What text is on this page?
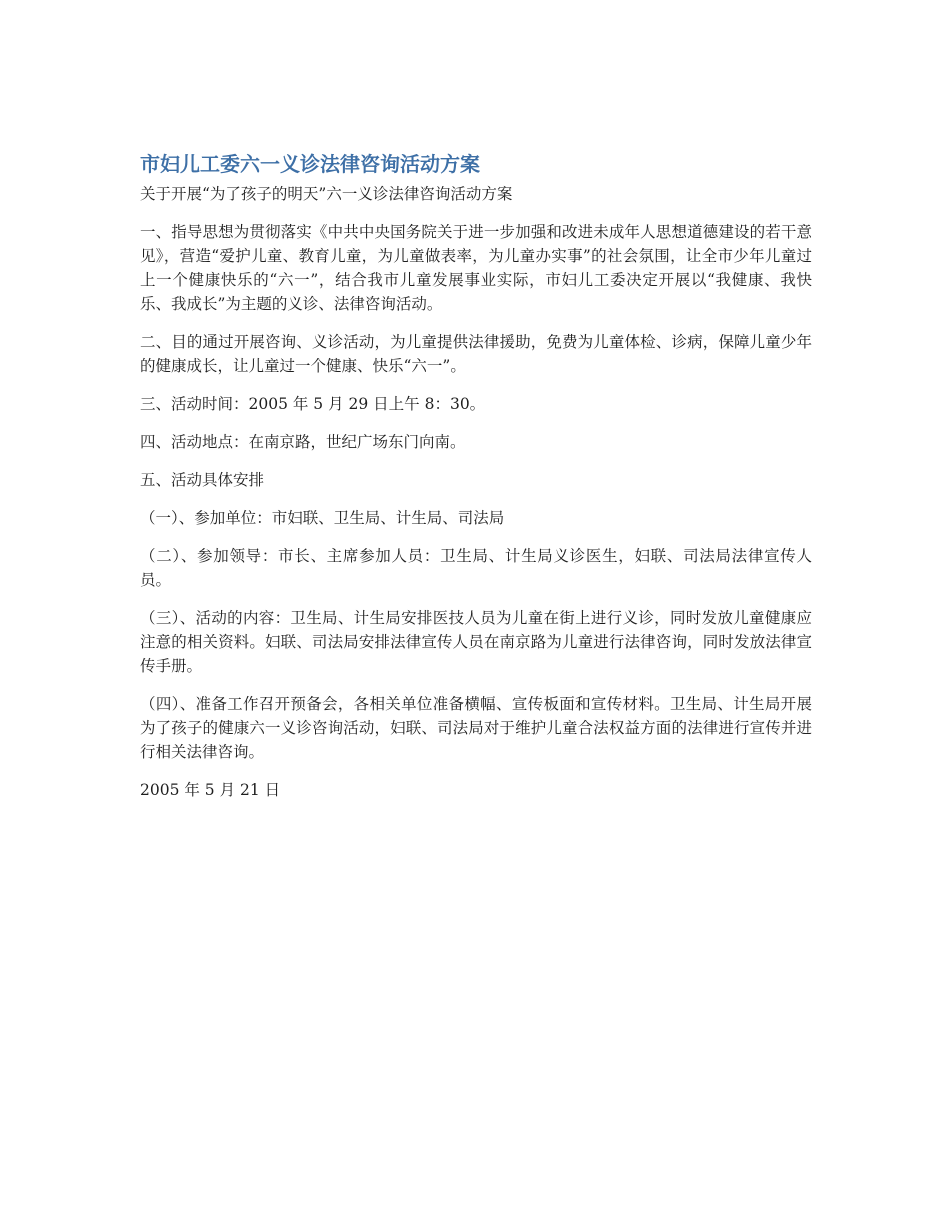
市妇儿工委六一义诊法律咨询活动方案

关于开展“为了孩子的明天”六一义诊法律咨询活动方案

一、指导思想为贯彻落实《中共中央国务院关于进一步加强和改进未成年人思想道德建设的若干意见》，营造“爱护儿童、教育儿童，为儿童做表率，为儿童办实事”的社会氛围，让全市少年儿童过上一个健康快乐的“六一”，结合我市儿童发展事业实际，市妇儿工委决定开展以“我健康、我快乐、我成长”为主题的义诊、法律咨询活动。

二、目的通过开展咨询、义诊活动，为儿童提供法律援助，免费为儿童体检、诊病，保障儿童少年的健康成长，让儿童过一个健康、快乐“六一”。

三、活动时间：2005 年 5 月 29 日上午 8：30。

四、活动地点：在南京路，世纪广场东门向南。

五、活动具体安排

（一）、参加单位：市妇联、卫生局、计生局、司法局

（二）、参加领导：市长、主席参加人员：卫生局、计生局义诊医生，妇联、司法局法律宣传人员。

（三）、活动的内容：卫生局、计生局安排医技人员为儿童在街上进行义诊，同时发放儿童健康应注意的相关资料。妇联、司法局安排法律宣传人员在南京路为儿童进行法律咨询，同时发放法律宣传手册。

（四）、准备工作召开预备会，各相关单位准备横幅、宣传板面和宣传材料。卫生局、计生局开展为了孩子的健康六一义诊咨询活动，妇联、司法局对于维护儿童合法权益方面的法律进行宣传并进行相关法律咨询。

2005 年 5 月 21 日
